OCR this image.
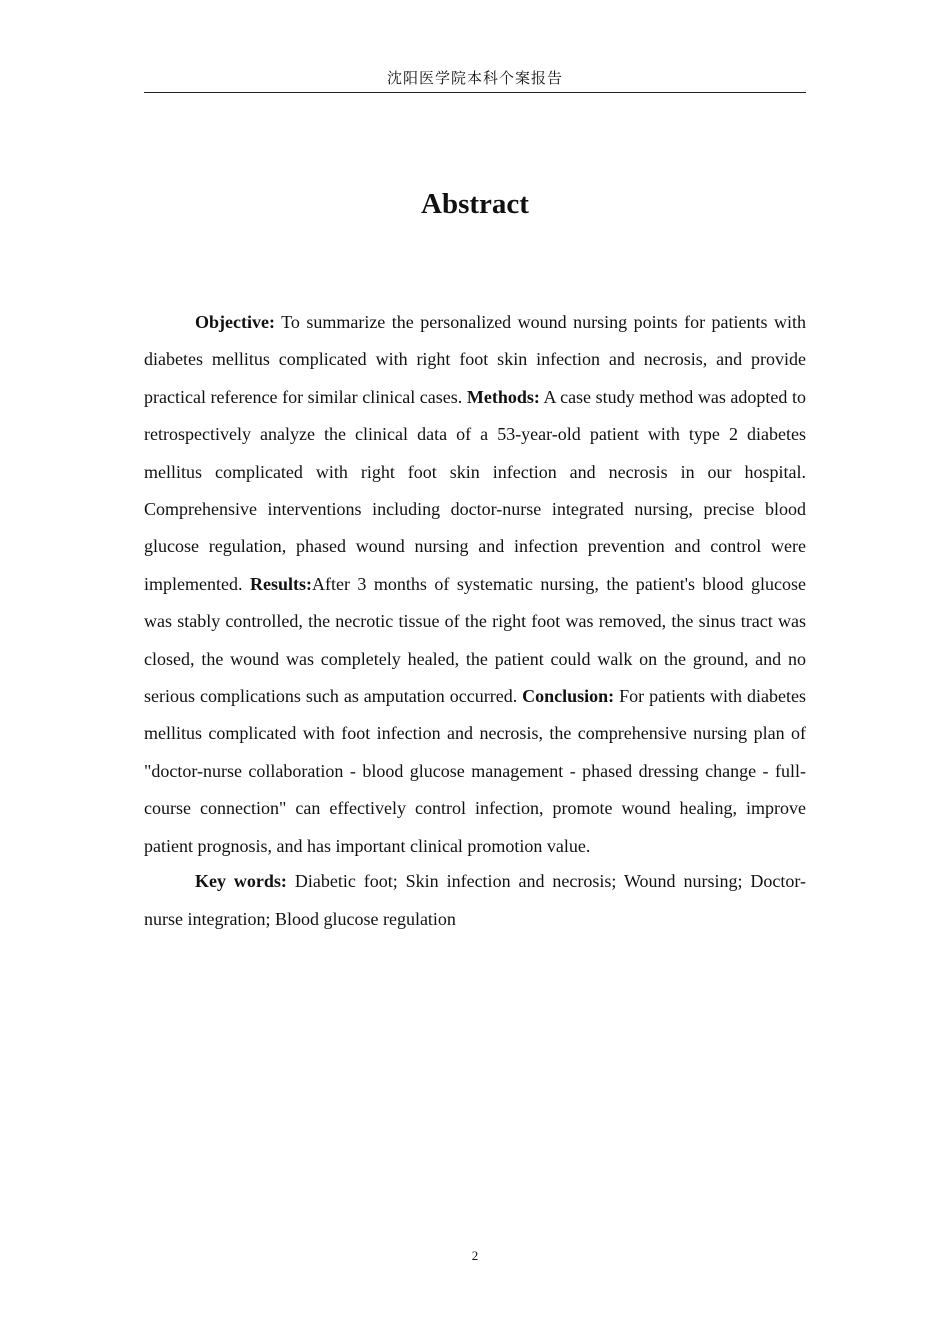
沈阳医学院本科个案报告
Abstract

Objective: To summarize the personalized wound nursing points for patients with diabetes mellitus complicated with right foot skin infection and necrosis, and provide practical reference for similar clinical cases. Methods: A case study method was adopted to retrospectively analyze the clinical data of a 53-year-old patient with type 2 diabetes mellitus complicated with right foot skin infection and necrosis in our hospital. Comprehensive interventions including doctor-nurse integrated nursing, precise blood glucose regulation, phased wound nursing and infection prevention and control were implemented. Results:After 3 months of systematic nursing, the patient's blood glucose was stably controlled, the necrotic tissue of the right foot was removed, the sinus tract was closed, the wound was completely healed, the patient could walk on the ground, and no serious complications such as amputation occurred. Conclusion: For patients with diabetes mellitus complicated with foot infection and necrosis, the comprehensive nursing plan of "doctor-nurse collaboration - blood glucose management - phased dressing change - full-course connection" can effectively control infection, promote wound healing, improve patient prognosis, and has important clinical promotion value.

Key words: Diabetic foot; Skin infection and necrosis; Wound nursing; Doctor-nurse integration; Blood glucose regulation

2
